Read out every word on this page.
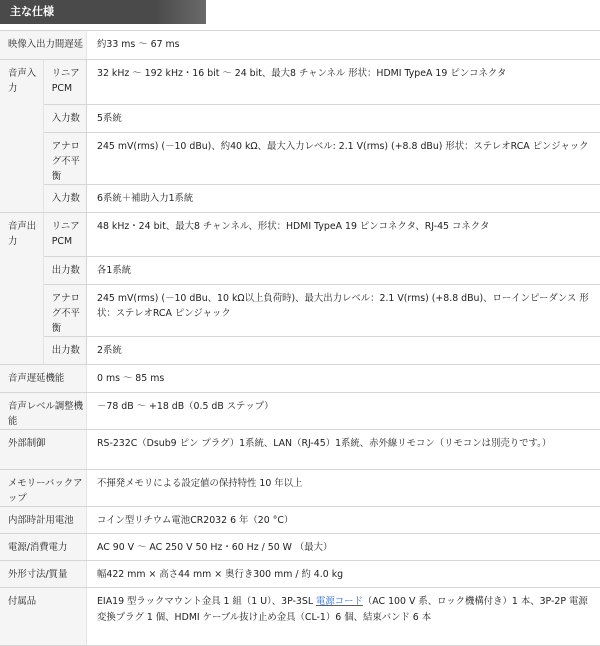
主な仕様
映像入出力間遅延		約33 ms 〜 67 ms

音声入力	リニアPCM	32 kHz 〜 192 kHz・16 bit 〜 24 bit、最大8 チャンネル 形状：HDMI TypeA 19 ピンコネクタ

	入力数	5系統

	アナログ不平衡	245 mV(rms) (－10 dBu)、約40 kΩ、最大入力レベル: 2.1 V(rms) (+8.8 dBu) 形状：ステレオRCA ピンジャック

	入力数	6系統＋補助入力1系統

音声出力	リニアPCM	48 kHz・24 bit、最大8 チャンネル、形状：HDMI TypeA 19 ピンコネクタ、RJ-45 コネクタ

	出力数	各1系統

	アナログ不平衡	245 mV(rms) (－10 dBu、10 kΩ以上負荷時)、最大出力レベル：2.1 V(rms) (+8.8 dBu)、ローインピーダンス 形状：ステレオRCA ピンジャック

	出力数	2系統

音声遅延機能		0 ms 〜 85 ms

音声レベル調整機能		－78 dB 〜 +18 dB（0.5 dB ステップ）

外部制御		RS-232C（Dsub9 ピン プラグ）1系統、LAN（RJ-45）1系統、赤外線リモコン（リモコンは別売りです。）

メモリーバックアップ		不揮発メモリによる設定値の保持特性 10 年以上

内部時計用電池		コイン型リチウム電池CR2032 6 年（20 °C）

電源/消費電力		AC 90 V 〜 AC 250 V 50 Hz・60 Hz / 50 W （最大）

外形寸法/質量		幅422 mm × 高さ44 mm × 奥行き300 mm / 約 4.0 kg

付属品		EIA19 型ラックマウント金具 1 組（1 U）、3P-3SL 電源コード（AC 100 V 系、ロック機構付き）1 本、3P-2P 電源変換プラグ 1 個、HDMI ケーブル抜け止め金具（CL-1）6 個、結束バンド 6 本
